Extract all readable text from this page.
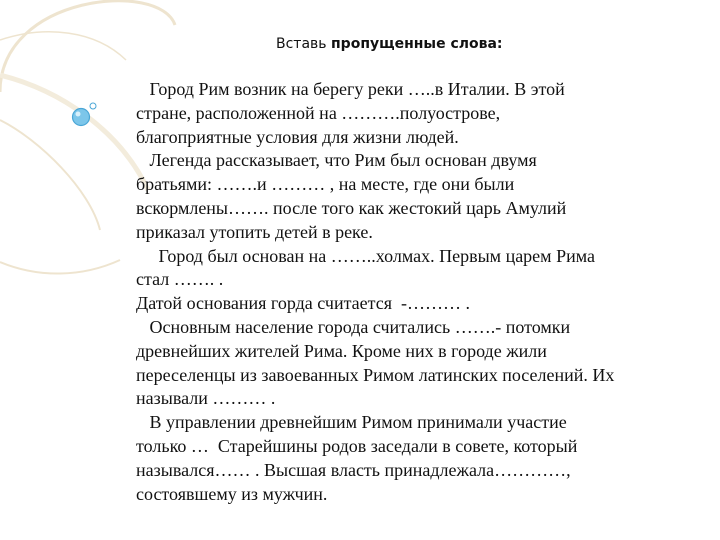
Вставь пропущенные слова:
Город Рим возник на берегу реки …..в Италии. В этой
стране, расположенной на ……….полуострове,
благоприятные условия для жизни людей.
Легенда рассказывает, что Рим был основан двумя
братьями: …….и ……… , на месте, где они были
вскормлены……. после того как жестокий царь Амулий
приказал утопить детей в реке.
Город был основан на ……..холмах. Первым царем Рима
стал ……. .
Датой основания горда считается  -……… .
Основным население города считались …….- потомки
древнейших жителей Рима. Кроме них в городе жили
переселенцы из завоеванных Римом латинских поселений. Их
называли ……… .
В управлении древнейшим Римом принимали участие
только …  Старейшины родов заседали в совете, который
назывался…… . Высшая власть принадлежала…………,
состоявшему из мужчин.
